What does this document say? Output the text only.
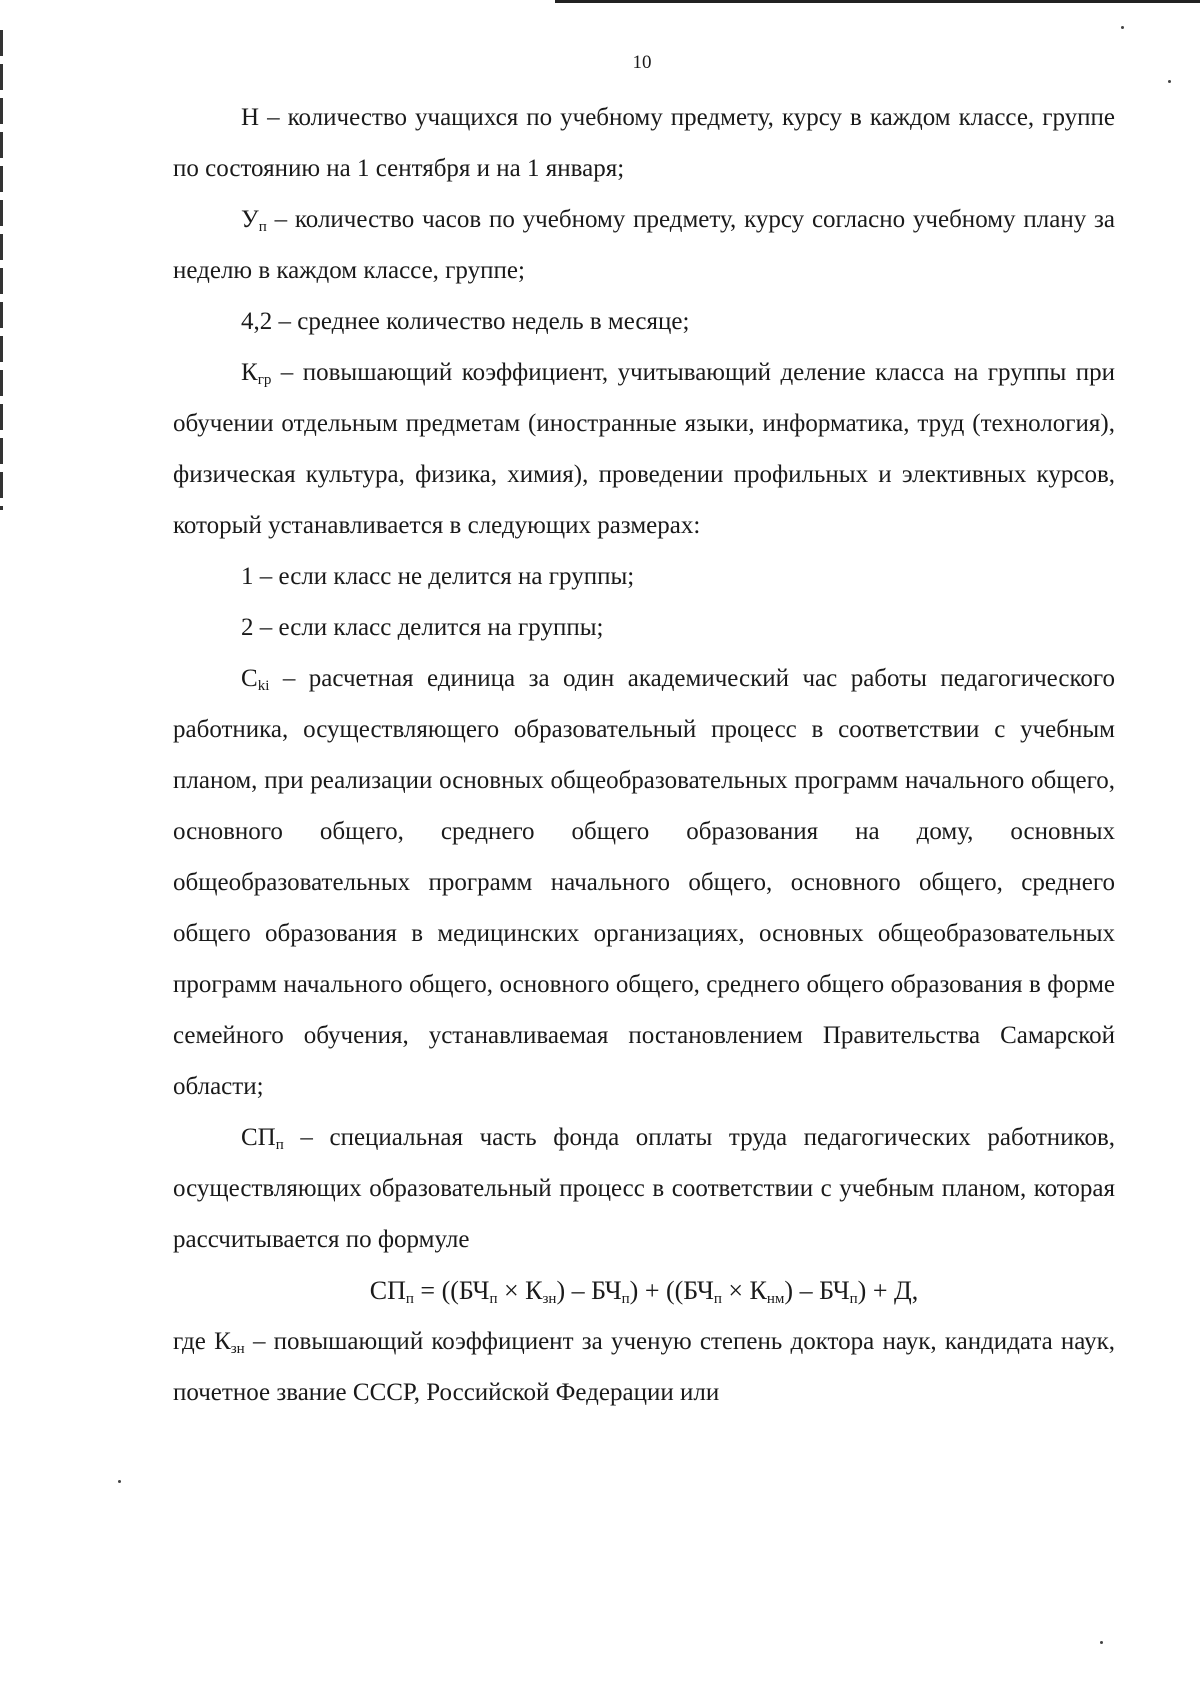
10

Н – количество учащихся по учебному предмету, курсу в каждом классе, группе по состоянию на 1 сентября и на 1 января;

$У_п$ – количество часов по учебному предмету, курсу согласно учебному плану за неделю в каждом классе, группе;

4,2 – среднее количество недель в месяце;

$К_{гр}$ – повышающий коэффициент, учитывающий деление класса на группы при обучении отдельным предметам (иностранные языки, информатика, труд (технология), физическая культура, физика, химия), проведении профильных и элективных курсов, который устанавливается в следующих размерах:

1 – если класс не делится на группы;

2 – если класс делится на группы;

$С_{ki}$ – расчетная единица за один академический час работы педагогического работника, осуществляющего образовательный процесс в соответствии с учебным планом, при реализации основных общеобразовательных программ начального общего, основного общего, среднего общего образования на дому, основных общеобразовательных программ начального общего, основного общего, среднего общего образования в медицинских организациях, основных общеобразовательных программ начального общего, основного общего, среднего общего образования в форме семейного обучения, устанавливаемая постановлением Правительства Самарской области;

$СП_п$ – специальная часть фонда оплаты труда педагогических работников, осуществляющих образовательный процесс в соответствии с учебным планом, которая рассчитывается по формуле

$СП_п = ((БЧ_п \times К_{зн}) - БЧ_п) + ((БЧ_п \times К_{нм}) - БЧ_п) + Д$,

где $К_{зн}$ – повышающий коэффициент за ученую степень доктора наук, кандидата наук, почетное звание СССР, Российской Федерации или
